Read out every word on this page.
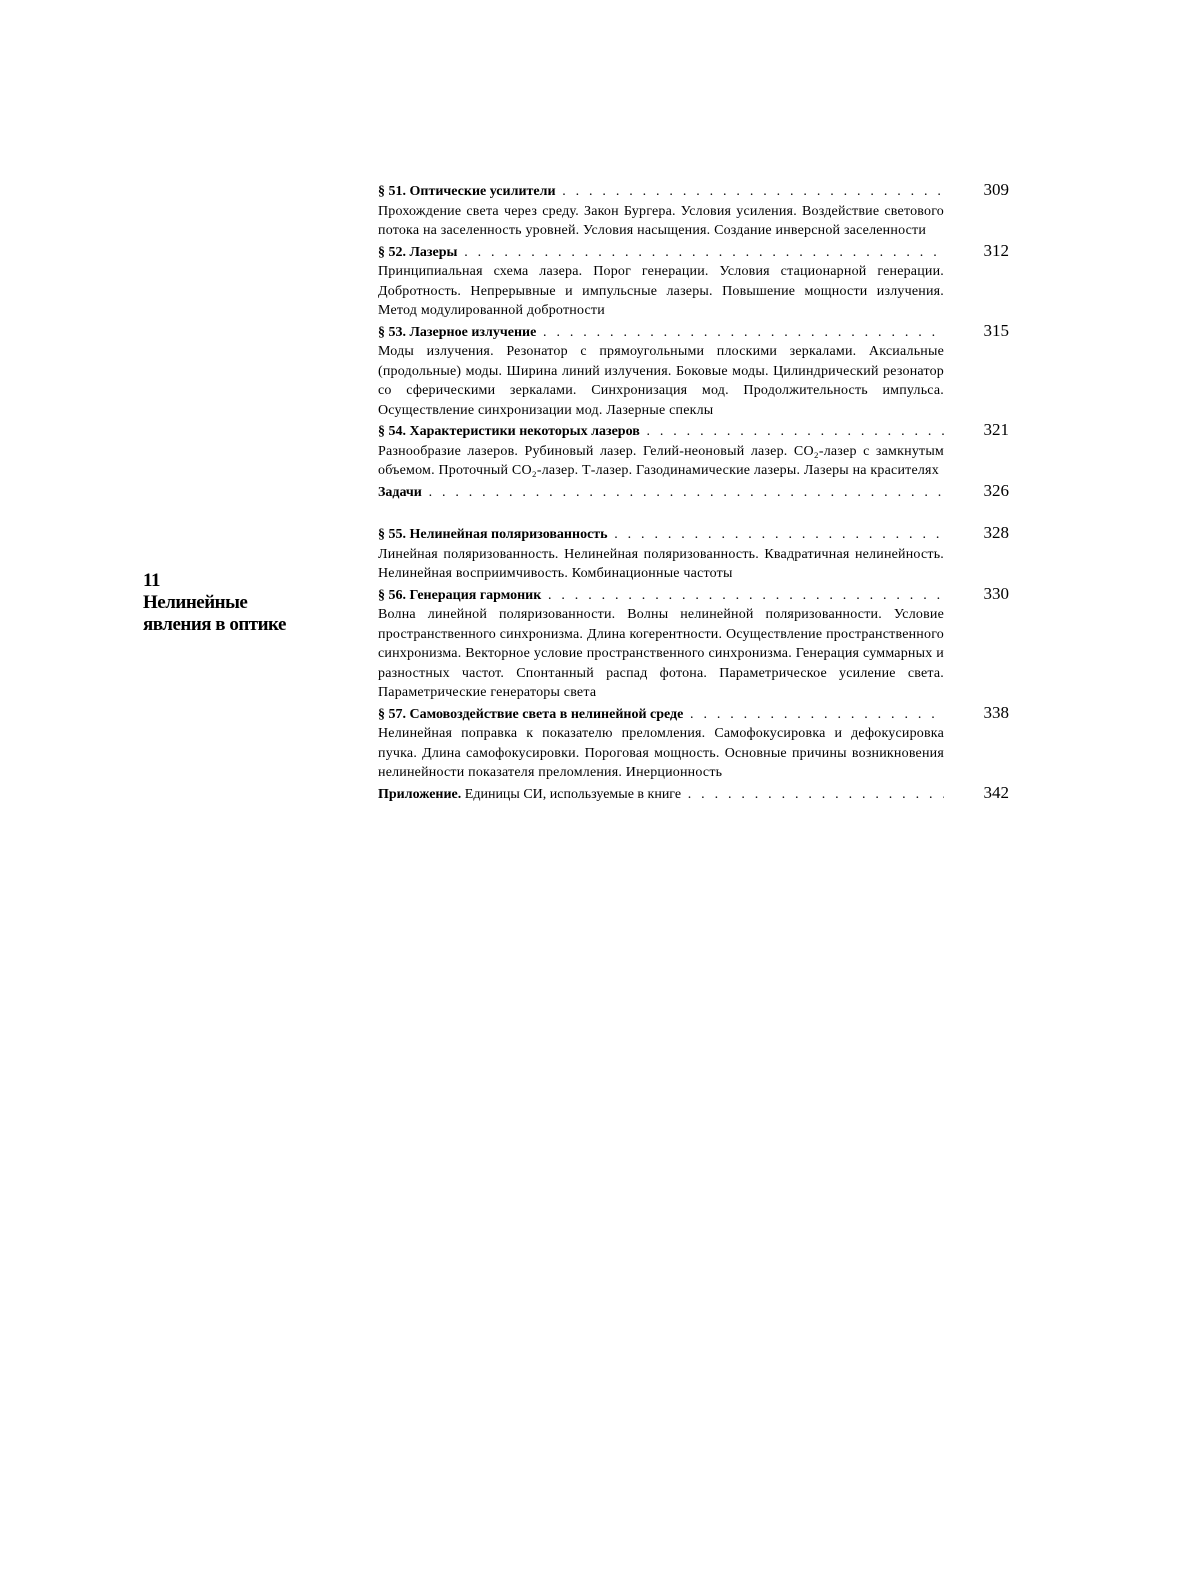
11
Нелинейные явления в оптике
§ 51. Оптические усилители . . .	309
Прохождение света через среду. Закон Бургера. Условия усиления. Воздействие светового потока на заселенность уровней. Условия насыщения. Создание инверсной заселенности
§ 52. Лазеры . . .	312
Принципиальная схема лазера. Порог генерации. Условия стационарной генерации. Добротность. Непрерывные и импульсные лазеры. Повышение мощности излучения. Метод модулированной добротности
§ 53. Лазерное излучение . . .	315
Моды излучения. Резонатор с прямоугольными плоскими зеркалами. Аксиальные (продольные) моды. Ширина линий излучения. Боковые моды. Цилиндрический резонатор со сферическими зеркалами. Синхронизация мод. Продолжительность импульса. Осуществление синхронизации мод. Лазерные спеклы
§ 54. Характеристики некоторых лазеров . . .	321
Разнообразие лазеров. Рубиновый лазер. Гелий-неоновый лазер. CO₂-лазер с замкнутым объемом. Проточный CO₂-лазер. Т-лазер. Газодинамические лазеры. Лазеры на красителях
Задачи . . .	326
§ 55. Нелинейная поляризованность . . .	328
Линейная поляризованность. Нелинейная поляризованность. Квадратичная нелинейность. Нелинейная восприимчивость. Комбинационные частоты
§ 56. Генерация гармоник . . .	330
Волна линейной поляризованности. Волны нелинейной поляризованности. Условие пространственного синхронизма. Длина когерентности. Осуществление пространственного синхронизма. Векторное условие пространственного синхронизма. Генерация суммарных и разностных частот. Спонтанный распад фотона. Параметрическое усиление света. Параметрические генераторы света
§ 57. Самовоздействие света в нелинейной среде . . .	338
Нелинейная поправка к показателю преломления. Самофокусировка и дефокусировка пучка. Длина самофокусировки. Пороговая мощность. Основные причины возникновения нелинейности показателя преломления. Инерционность
Приложение. Единицы СИ, используемые в книге . . .	342
